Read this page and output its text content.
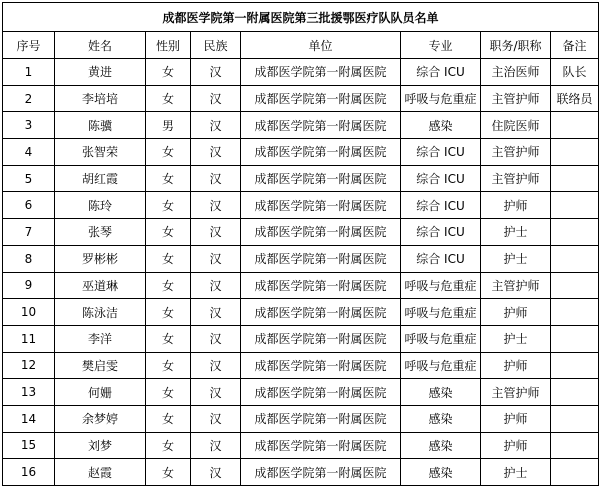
成都医学院第一附属医院第三批援鄂医疗队队员名单							
序号	姓名	性别	民族	单位	专业	职务/职称	备注
1	黄进	女	汉	成都医学院第一附属医院	综合 ICU	主治医师	队长
2	李培培	女	汉	成都医学院第一附属医院	呼吸与危重症	主管护师	联络员
3	陈骥	男	汉	成都医学院第一附属医院	感染	住院医师	
4	张智荣	女	汉	成都医学院第一附属医院	综合 ICU	主管护师	
5	胡红霞	女	汉	成都医学院第一附属医院	综合 ICU	主管护师	
6	陈玲	女	汉	成都医学院第一附属医院	综合 ICU	护师	
7	张琴	女	汉	成都医学院第一附属医院	综合 ICU	护士	
8	罗彬彬	女	汉	成都医学院第一附属医院	综合 ICU	护士	
9	巫道琳	女	汉	成都医学院第一附属医院	呼吸与危重症	主管护师	
10	陈泳洁	女	汉	成都医学院第一附属医院	呼吸与危重症	护师	
11	李洋	女	汉	成都医学院第一附属医院	呼吸与危重症	护士	
12	樊启雯	女	汉	成都医学院第一附属医院	呼吸与危重症	护师	
13	何姗	女	汉	成都医学院第一附属医院	感染	主管护师	
14	余梦婷	女	汉	成都医学院第一附属医院	感染	护师	
15	刘梦	女	汉	成都医学院第一附属医院	感染	护师	
16	赵霞	女	汉	成都医学院第一附属医院	感染	护士	
